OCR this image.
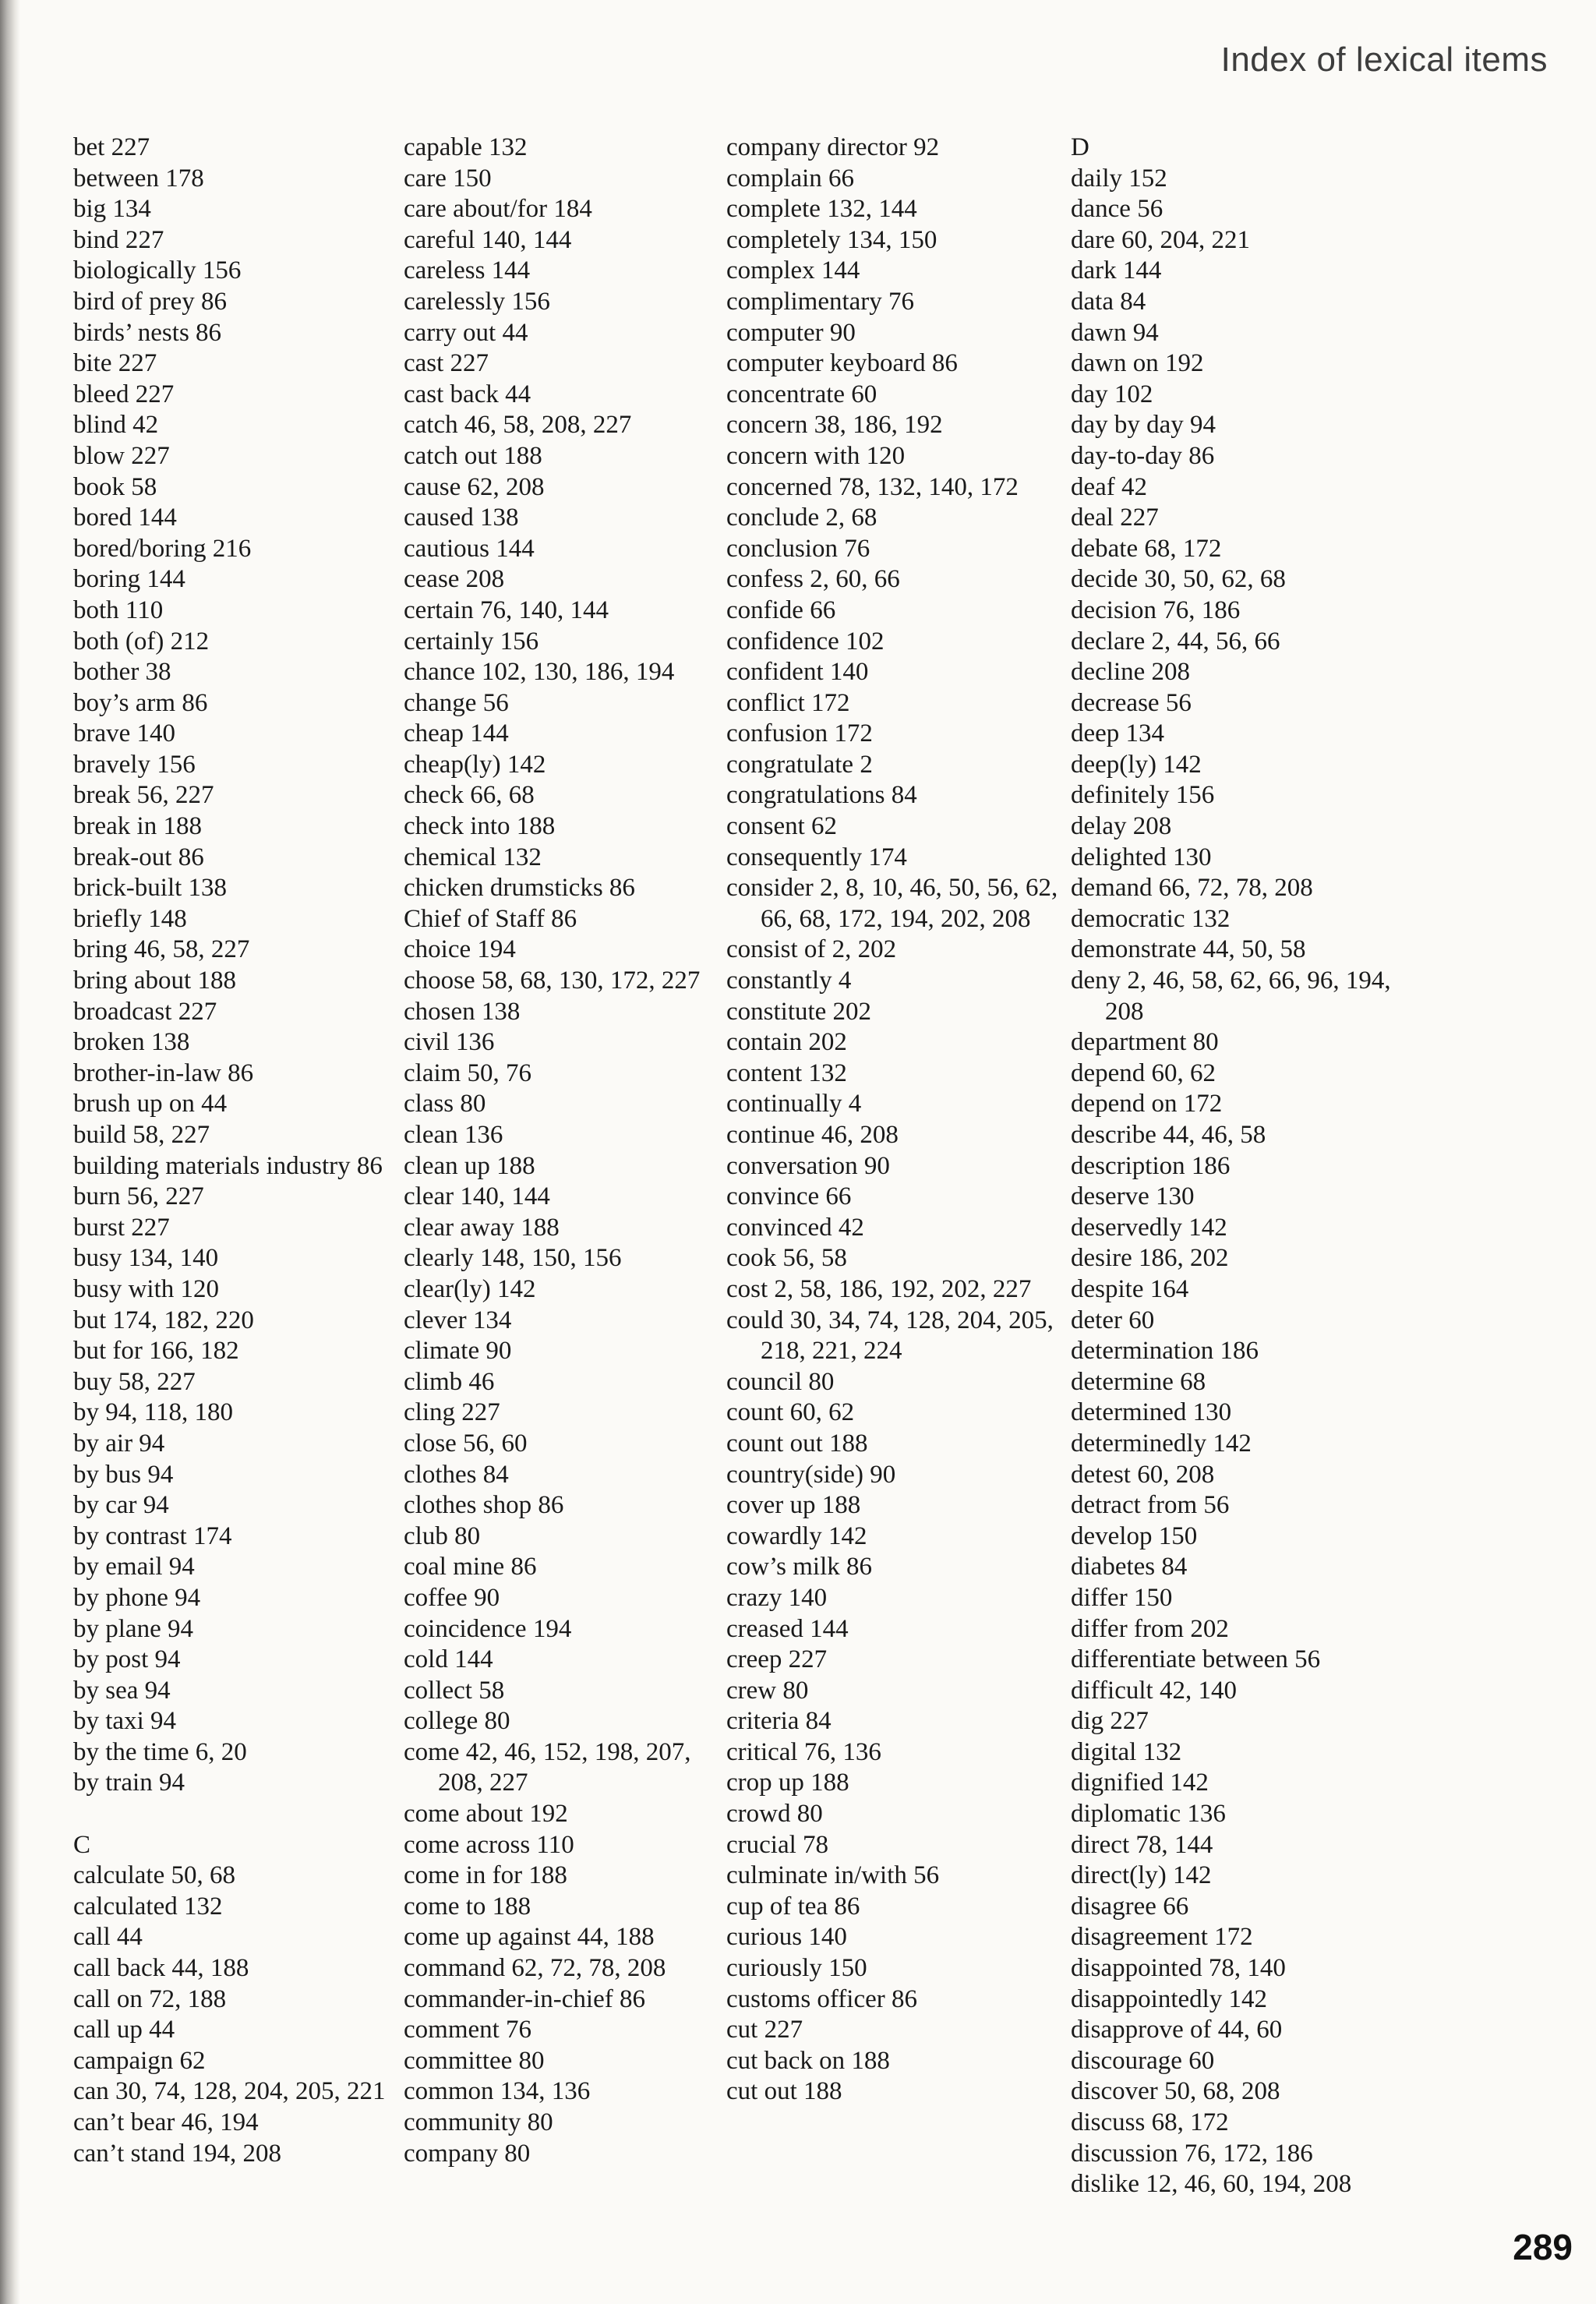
Index of lexical items
bet 227
between 178
big 134
bind 227
biologically 156
bird of prey 86
birds’ nests 86
bite 227
bleed 227
blind 42
blow 227
book 58
bored 144
bored/boring 216
boring 144
both 110
both (of) 212
bother 38
boy’s arm 86
brave 140
bravely 156
break 56, 227
break in 188
break-out 86
brick-built 138
briefly 148
bring 46, 58, 227
bring about 188
broadcast 227
broken 138
brother-in-law 86
brush up on 44
build 58, 227
building materials industry 86
burn 56, 227
burst 227
busy 134, 140
busy with 120
but 174, 182, 220
but for 166, 182
buy 58, 227
by 94, 118, 180
by air 94
by bus 94
by car 94
by contrast 174
by email 94
by phone 94
by plane 94
by post 94
by sea 94
by taxi 94
by the time 6, 20
by train 94
C
calculate 50, 68
calculated 132
call 44
call back 44, 188
call on 72, 188
call up 44
campaign 62
can 30, 74, 128, 204, 205, 221
can’t bear 46, 194
can’t stand 194, 208
capable 132
care 150
care about/for 184
careful 140, 144
careless 144
carelessly 156
carry out 44
cast 227
cast back 44
catch 46, 58, 208, 227
catch out 188
cause 62, 208
caused 138
cautious 144
cease 208
certain 76, 140, 144
certainly 156
chance 102, 130, 186, 194
change 56
cheap 144
cheap(ly) 142
check 66, 68
check into 188
chemical 132
chicken drumsticks 86
Chief of Staff 86
choice 194
choose 58, 68, 130, 172, 227
chosen 138
civil 136
claim 50, 76
class 80
clean 136
clean up 188
clear 140, 144
clear away 188
clearly 148, 150, 156
clear(ly) 142
clever 134
climate 90
climb 46
cling 227
close 56, 60
clothes 84
clothes shop 86
club 80
coal mine 86
coffee 90
coincidence 194
cold 144
collect 58
college 80
come 42, 46, 152, 198, 207, 208, 227
come about 192
come across 110
come in for 188
come to 188
come up against 44, 188
command 62, 72, 78, 208
commander-in-chief 86
comment 76
committee 80
common 134, 136
community 80
company 80
company director 92
complain 66
complete 132, 144
completely 134, 150
complex 144
complimentary 76
computer 90
computer keyboard 86
concentrate 60
concern 38, 186, 192
concern with 120
concerned 78, 132, 140, 172
conclude 2, 68
conclusion 76
confess 2, 60, 66
confide 66
confidence 102
confident 140
conflict 172
confusion 172
congratulate 2
congratulations 84
consent 62
consequently 174
consider 2, 8, 10, 46, 50, 56, 62, 66, 68, 172, 194, 202, 208
consist of 2, 202
constantly 4
constitute 202
contain 202
content 132
continually 4
continue 46, 208
conversation 90
convince 66
convinced 42
cook 56, 58
cost 2, 58, 186, 192, 202, 227
could 30, 34, 74, 128, 204, 205, 218, 221, 224
council 80
count 60, 62
count out 188
country(side) 90
cover up 188
cowardly 142
cow’s milk 86
crazy 140
creased 144
creep 227
crew 80
criteria 84
critical 76, 136
crop up 188
crowd 80
crucial 78
culminate in/with 56
cup of tea 86
curious 140
curiously 150
customs officer 86
cut 227
cut back on 188
cut out 188
D
daily 152
dance 56
dare 60, 204, 221
dark 144
data 84
dawn 94
dawn on 192
day 102
day by day 94
day-to-day 86
deaf 42
deal 227
debate 68, 172
decide 30, 50, 62, 68
decision 76, 186
declare 2, 44, 56, 66
decline 208
decrease 56
deep 134
deep(ly) 142
definitely 156
delay 208
delighted 130
demand 66, 72, 78, 208
democratic 132
demonstrate 44, 50, 58
deny 2, 46, 58, 62, 66, 96, 194, 208
department 80
depend 60, 62
depend on 172
describe 44, 46, 58
description 186
deserve 130
deservedly 142
desire 186, 202
despite 164
deter 60
determination 186
determine 68
determined 130
determinedly 142
detest 60, 208
detract from 56
develop 150
diabetes 84
differ 150
differ from 202
differentiate between 56
difficult 42, 140
dig 227
digital 132
dignified 142
diplomatic 136
direct 78, 144
direct(ly) 142
disagree 66
disagreement 172
disappointed 78, 140
disappointedly 142
disapprove of 44, 60
discourage 60
discover 50, 68, 208
discuss 68, 172
discussion 76, 172, 186
dislike 12, 46, 60, 194, 208
289
